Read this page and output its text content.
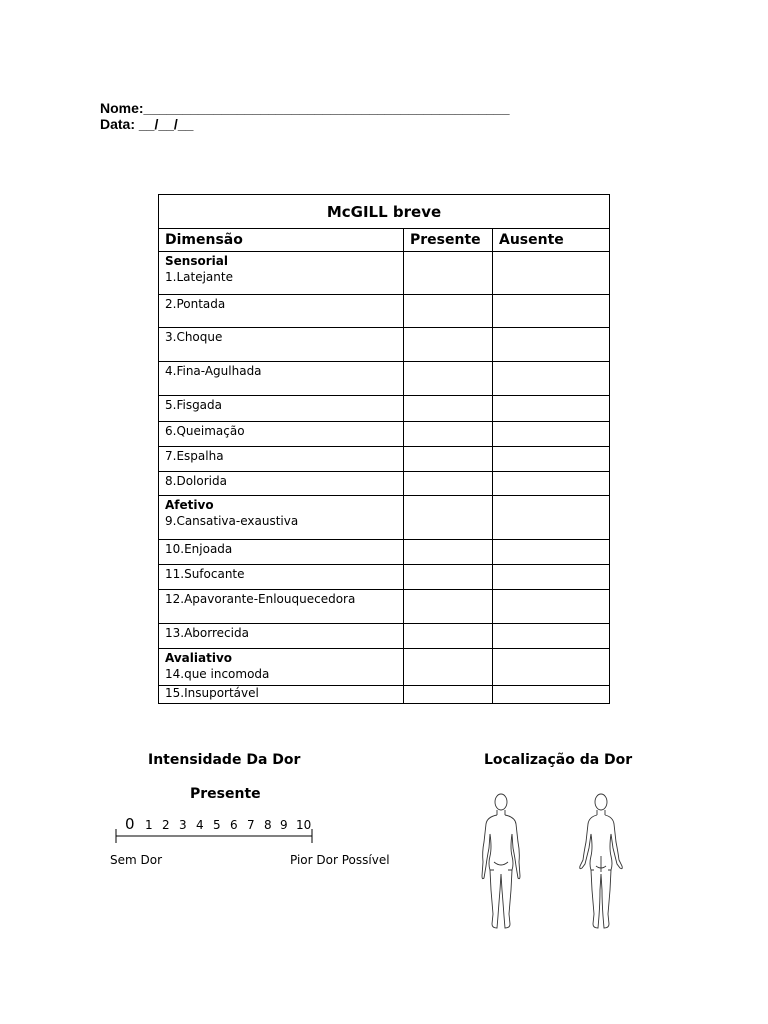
Nome:_______________________________________________
Data: __/__/__
McGILL breve		
Dimensão	Presente	Ausente

Sensorial
1.Latejante		

2.Pontada		

3.Choque		

4.Fina-Agulhada		

5.Fisgada		

6.Queimação		

7.Espalha		

8.Dolorida		

Afetivo
9.Cansativa-exaustiva		

10.Enjoada		

11.Sufocante		

12.Apavorante-Enlouquecedora		

13.Aborrecida		

Avaliativo
14.que incomoda		

15.Insuportável		

Intensidade Da Dor
Presente
0 1 2 3 4 5 6 7 8 9 10
Sem Dor	Pior Dor Possível
Localização da Dor
